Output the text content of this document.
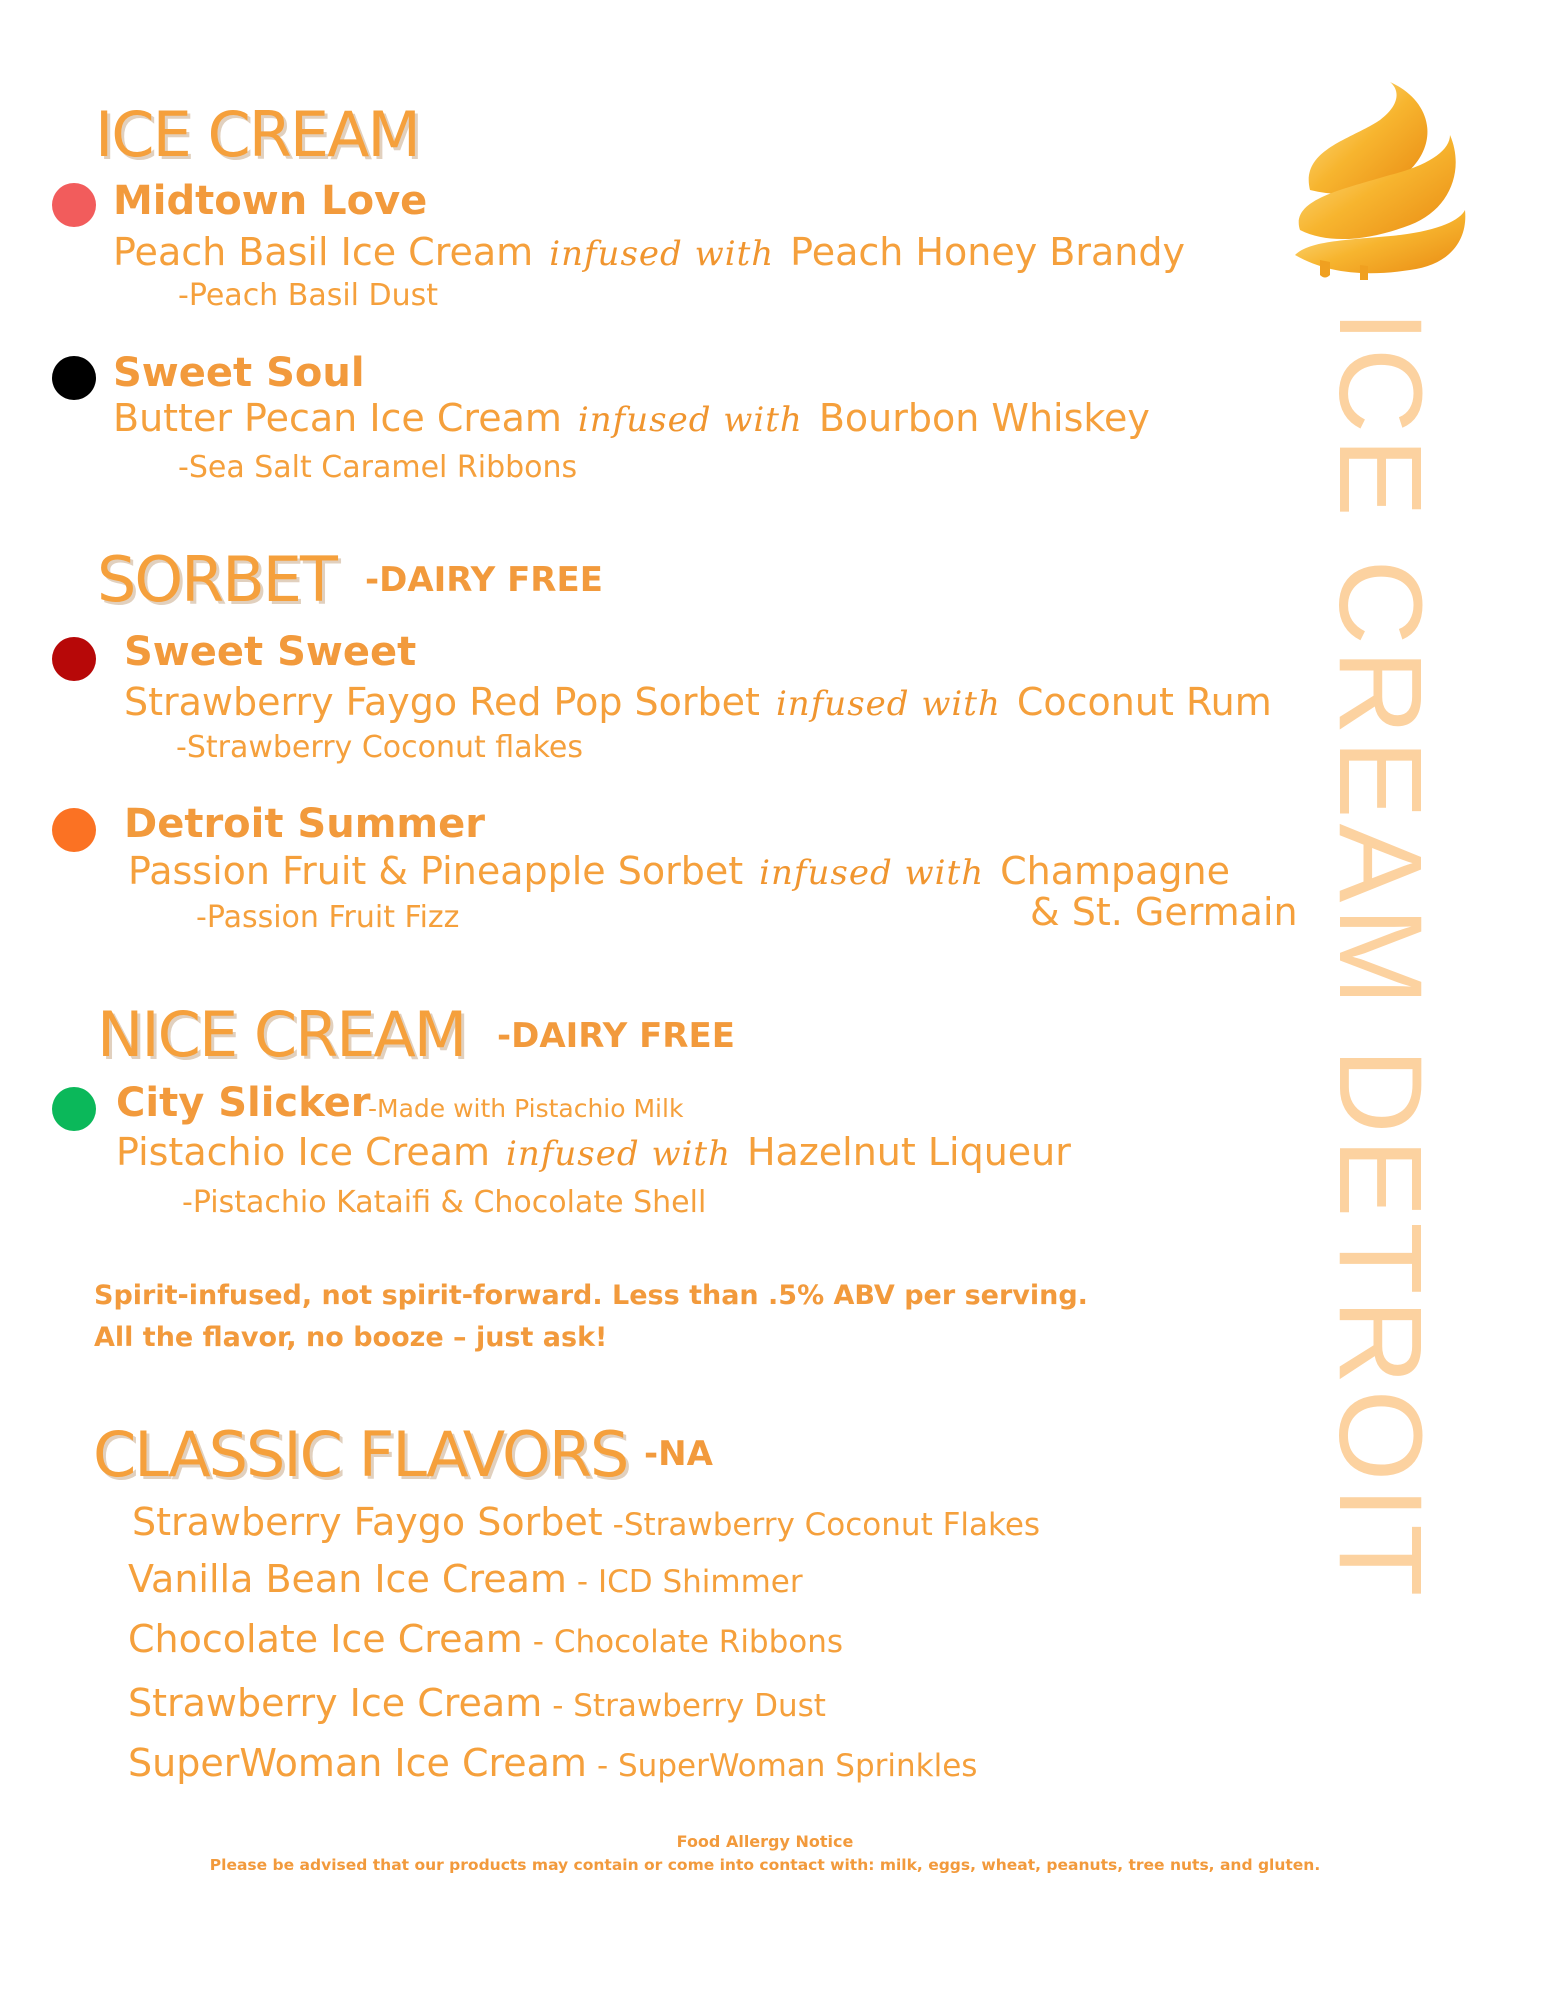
ICE CREAM DETROIT
ICE CREAM
Midtown Love
Peach Basil Ice Cream infused with Peach Honey Brandy
-Peach Basil Dust
Sweet Soul
Butter Pecan Ice Cream infused with Bourbon Whiskey
-Sea Salt Caramel Ribbons
SORBET -DAIRY FREE
Sweet Sweet
Strawberry Faygo Red Pop Sorbet infused with Coconut Rum
-Strawberry Coconut flakes
Detroit Summer
Passion Fruit & Pineapple Sorbet infused with Champagne
& St. Germain
-Passion Fruit Fizz
NICE CREAM -DAIRY FREE
City Slicker
-Made with Pistachio Milk
Pistachio Ice Cream infused with Hazelnut Liqueur
-Pistachio Kataifi & Chocolate Shell
Spirit-infused, not spirit-forward. Less than .5% ABV per serving.
All the flavor, no booze – just ask!
CLASSIC FLAVORS -NA
Strawberry Faygo Sorbet -Strawberry Coconut Flakes
Vanilla Bean Ice Cream - ICD Shimmer
Chocolate Ice Cream - Chocolate Ribbons
Strawberry Ice Cream - Strawberry Dust
SuperWoman Ice Cream - SuperWoman Sprinkles
Food Allergy Notice
Please be advised that our products may contain or come into contact with: milk, eggs, wheat, peanuts, tree nuts, and gluten.
